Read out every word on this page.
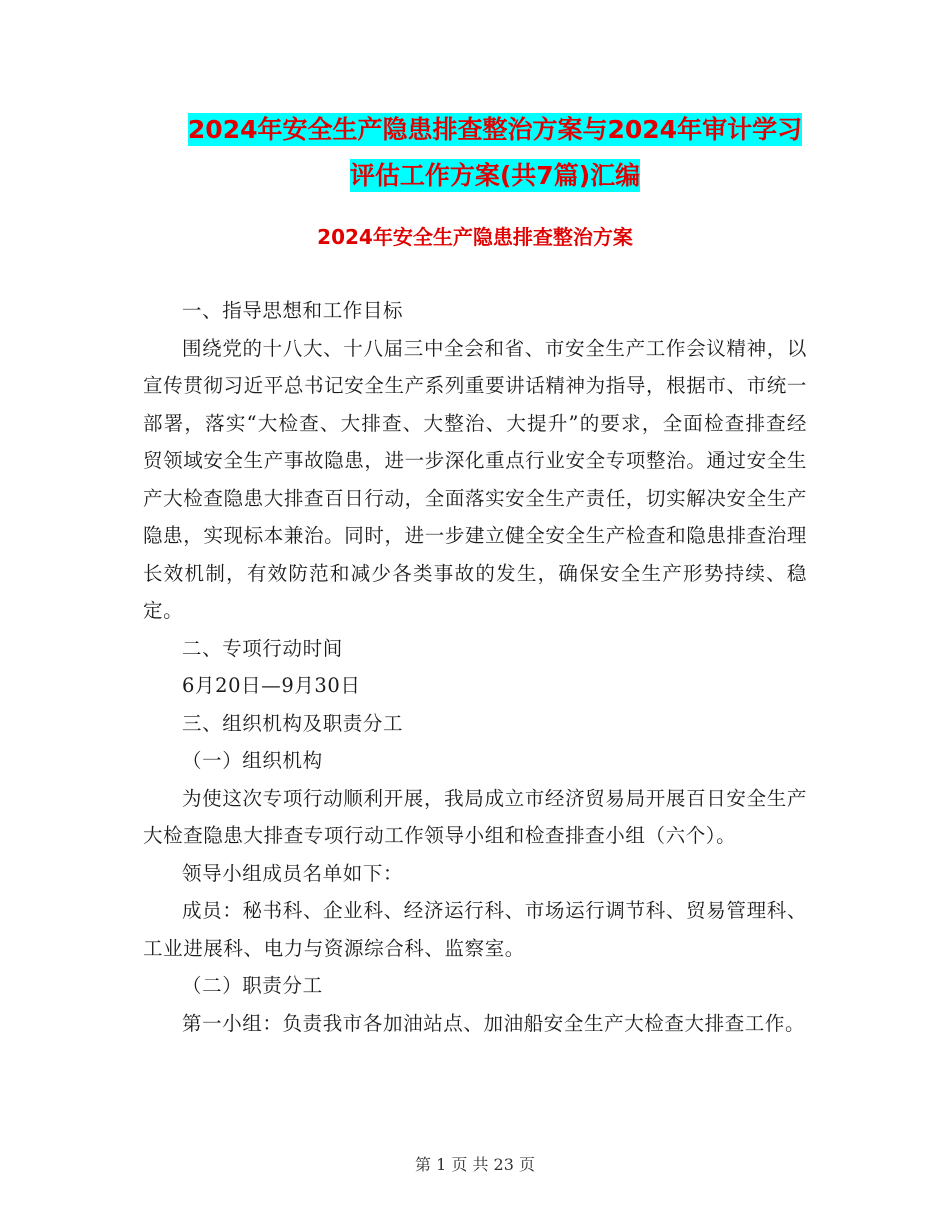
2024年安全生产隐患排查整治方案与2024年审计学习
评估工作方案(共7篇)汇编
2024年安全生产隐患排查整治方案

一、指导思想和工作目标

围绕党的十八大、十八届三中全会和省、市安全生产工作会议精神，以宣传贯彻习近平总书记安全生产系列重要讲话精神为指导，根据市、市统一部署，落实“大检查、大排查、大整治、大提升”的要求，全面检查排查经贸领域安全生产事故隐患，进一步深化重点行业安全专项整治。通过安全生产大检查隐患大排查百日行动，全面落实安全生产责任，切实解决安全生产隐患，实现标本兼治。同时，进一步建立健全安全生产检查和隐患排查治理长效机制，有效防范和减少各类事故的发生，确保安全生产形势持续、稳定。

二、专项行动时间

6月20日—9月30日

三、组织机构及职责分工

（一）组织机构

为使这次专项行动顺利开展，我局成立市经济贸易局开展百日安全生产大检查隐患大排查专项行动工作领导小组和检查排查小组（六个）。

领导小组成员名单如下：

成员：秘书科、企业科、经济运行科、市场运行调节科、贸易管理科、工业进展科、电力与资源综合科、监察室。

（二）职责分工

第一小组：负责我市各加油站点、加油船安全生产大检查大排查工作。

第 1 页 共 23 页
